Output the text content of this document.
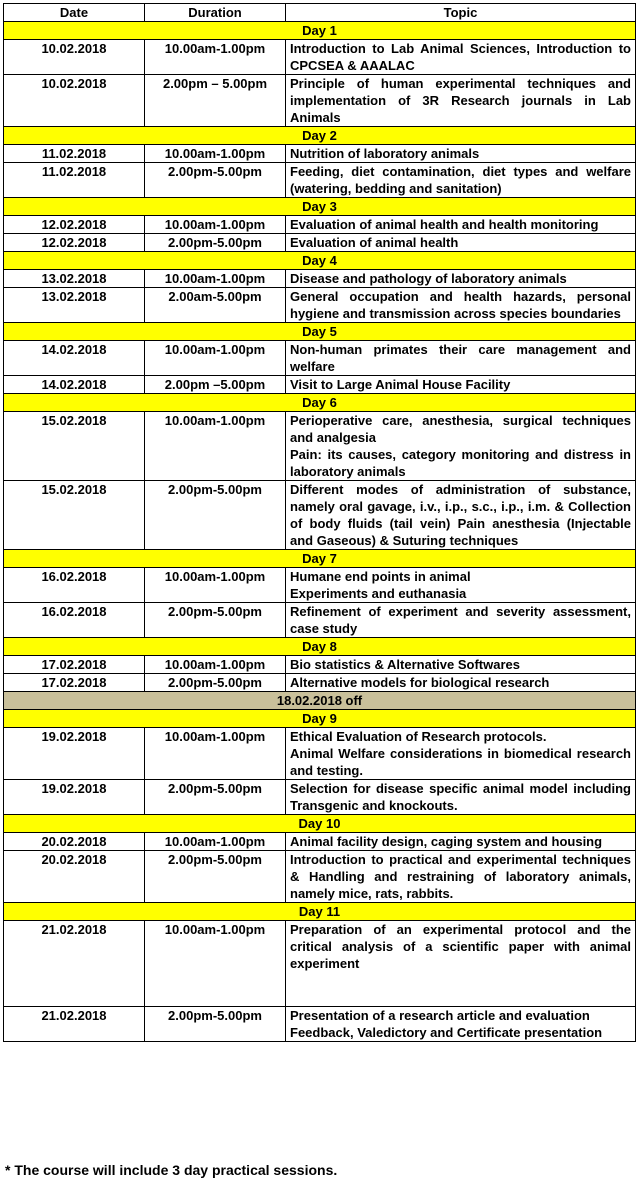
Date	Duration	Topic
Day 1		
10.02.2018	10.00am-1.00pm	Introduction to Lab Animal Sciences, Introduction to CPCSEA & AAALAC

10.02.2018	2.00pm – 5.00pm	Principle of human experimental techniques and implementation of 3R Research journals in Lab Animals

Day 2		
11.02.2018	10.00am-1.00pm	Nutrition of laboratory animals

11.02.2018	2.00pm-5.00pm	Feeding, diet contamination, diet types and welfare (watering, bedding and sanitation)

Day 3		
12.02.2018	10.00am-1.00pm	Evaluation of animal health and health monitoring

12.02.2018	2.00pm-5.00pm	Evaluation of animal health

Day 4		
13.02.2018	10.00am-1.00pm	Disease and pathology of laboratory animals

13.02.2018	2.00am-5.00pm	General occupation and health hazards, personal hygiene and transmission across species boundaries

Day 5		
14.02.2018	10.00am-1.00pm	Non-human primates their care management and welfare

14.02.2018	2.00pm –5.00pm	Visit to Large Animal House Facility

Day 6		
15.02.2018	10.00am-1.00pm	Perioperative care, anesthesia, surgical techniques and analgesia
Pain: its causes, category monitoring and distress in laboratory animals

15.02.2018	2.00pm-5.00pm	Different modes of administration of substance, namely oral gavage, i.v., i.p., s.c., i.p., i.m. & Collection of body fluids (tail vein) Pain anesthesia (Injectable and Gaseous) & Suturing techniques

Day 7		
16.02.2018	10.00am-1.00pm	Humane end points in animal
Experiments and euthanasia

16.02.2018	2.00pm-5.00pm	Refinement of experiment and severity assessment, case study

Day 8		
17.02.2018	10.00am-1.00pm	Bio statistics & Alternative Softwares

17.02.2018	2.00pm-5.00pm	Alternative models for biological research

18.02.2018 off		
Day 9		
19.02.2018	10.00am-1.00pm	Ethical Evaluation of Research protocols.
Animal Welfare considerations in biomedical research and testing.

19.02.2018	2.00pm-5.00pm	Selection for disease specific animal model including Transgenic and knockouts.

Day 10		
20.02.2018	10.00am-1.00pm	Animal facility design, caging system and housing

20.02.2018	2.00pm-5.00pm	Introduction to practical and experimental techniques & Handling and restraining of laboratory animals, namely mice, rats, rabbits.

Day 11		
21.02.2018	10.00am-1.00pm	Preparation of an experimental protocol and the critical analysis of a scientific paper with animal experiment

21.02.2018	2.00pm-5.00pm	Presentation of a research article and evaluation
Feedback, Valedictory and Certificate presentation
* The course will include 3 day practical sessions.
